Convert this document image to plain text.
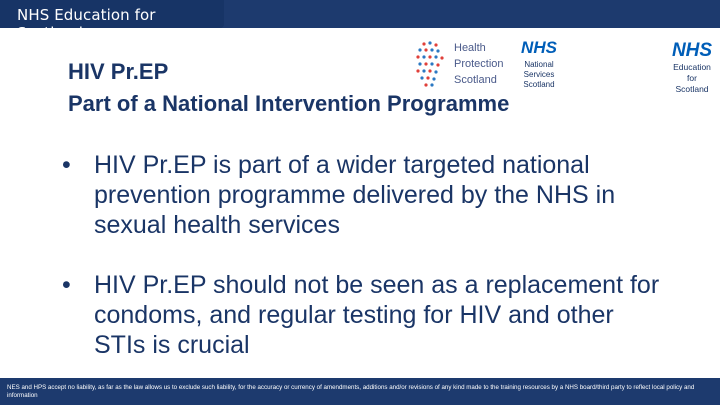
NHS Education for Scotland
HIV Pr.EP
Part of a National Intervention Programme
Health
Protection
Scotland
NHS
National
Services
Scotland
NHS
Education
for
Scotland
• HIV Pr.EP is part of a wider targeted national prevention programme delivered by the NHS in sexual health services
• HIV Pr.EP should not be seen as a replacement for condoms, and regular testing for HIV and other STIs is crucial
NES and HPS accept no liability, as far as the law allows us to exclude such liability, for the accuracy or currency of amendments, additions and/or revisions of any kind made to the training resources by a NHS board/third party to reflect local policy and information
